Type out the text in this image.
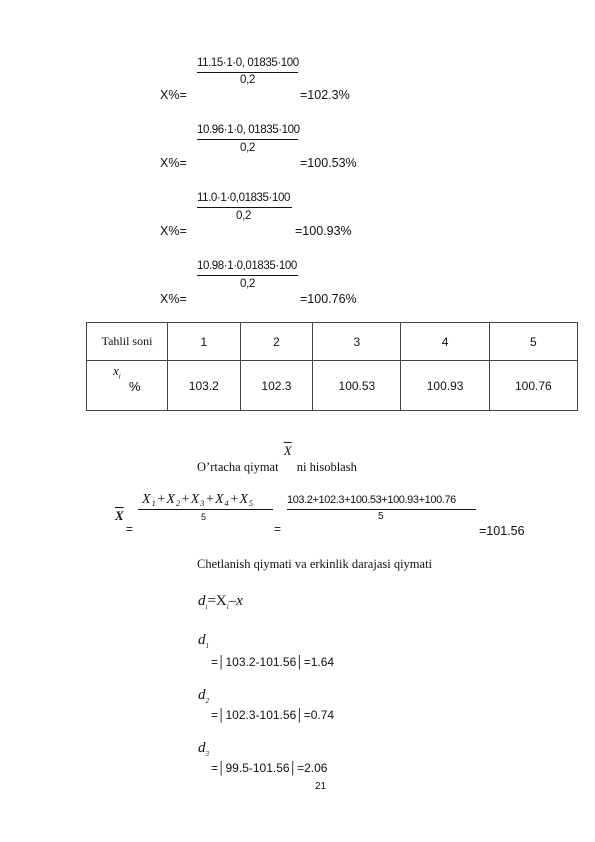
11.15·1·0, 01835·100
0,2
X%=	=102.3%
10.96·1·0, 01835·100
0,2
X%=	=100.53%
11.0·1·0,01835·100
0,2
X%=	=100.93%
10.98·1·0,01835·100
0,2
X%=	=100.76%
Tahlil soni	1	2	3	4	5

$x_i$
%	103.2	102.3	100.53	100.93	100.76
O’rtacha qiymat $\overline{X}$ ni hisoblash
$\overline{X}$
=
X₁+X₂+X₃+X₄+X₅
5
=
103.2+102.3+100.53+100.93+100.76
5
=101.56
Chetlanish qiymati va erkinlik darajasi qiymati
$d_i=X_i-x$
$d_1$
=│103.2-101.56│=1.64
$d_2$
=│102.3-101.56│=0.74
$d_3$
=│99.5-101.56│=2.06
21
